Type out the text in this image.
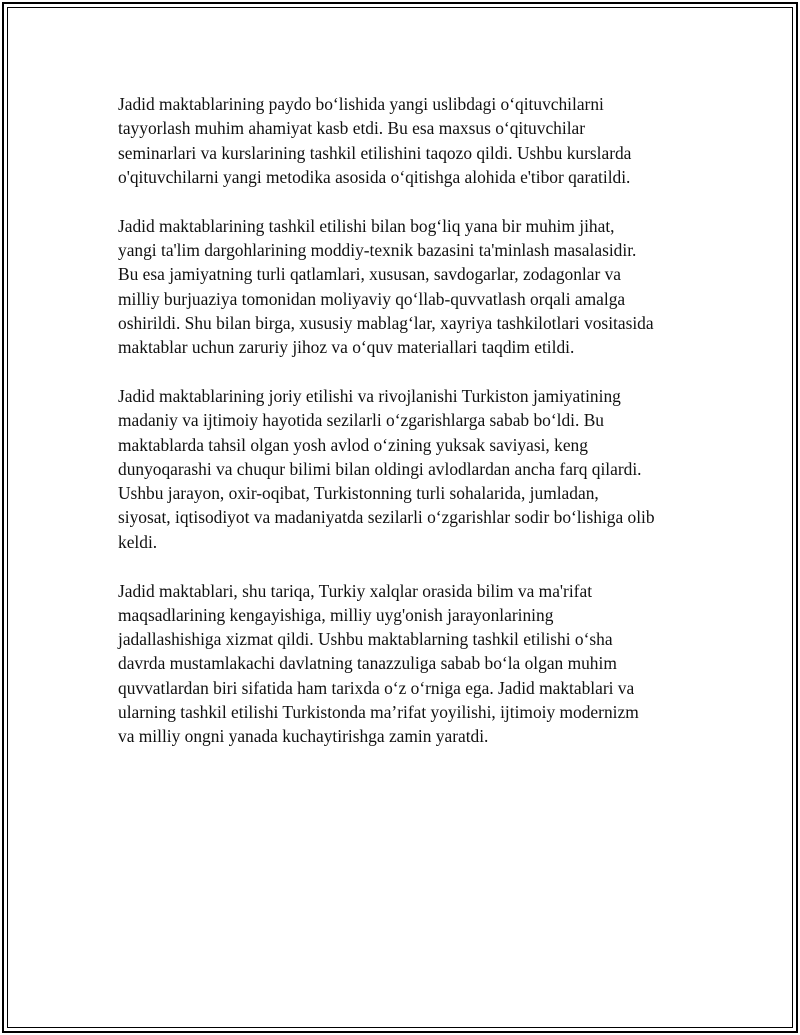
Jadid maktablarining paydo bo‘lishida yangi uslibdagi o‘qituvchilarni
tayyorlash muhim ahamiyat kasb etdi. Bu esa maxsus o‘qituvchilar
seminarlari va kurslarining tashkil etilishini taqozo qildi. Ushbu kurslarda
o'qituvchilarni yangi metodika asosida o‘qitishga alohida e'tibor qaratildi.

Jadid maktablarining tashkil etilishi bilan bog‘liq yana bir muhim jihat,
yangi ta'lim dargohlarining moddiy-texnik bazasini ta'minlash masalasidir.
Bu esa jamiyatning turli qatlamlari, xususan, savdogarlar, zodagonlar va
milliy burjuaziya tomonidan moliyaviy qo‘llab-quvvatlash orqali amalga
oshirildi. Shu bilan birga, xususiy mablag‘lar, xayriya tashkilotlari vositasida
maktablar uchun zaruriy jihoz va o‘quv materiallari taqdim etildi.

Jadid maktablarining joriy etilishi va rivojlanishi Turkiston jamiyatining
madaniy va ijtimoiy hayotida sezilarli o‘zgarishlarga sabab bo‘ldi. Bu
maktablarda tahsil olgan yosh avlod o‘zining yuksak saviyasi, keng
dunyoqarashi va chuqur bilimi bilan oldingi avlodlardan ancha farq qilardi.
Ushbu jarayon, oxir-oqibat, Turkistonning turli sohalarida, jumladan,
siyosat, iqtisodiyot va madaniyatda sezilarli o‘zgarishlar sodir bo‘lishiga olib
keldi.

Jadid maktablari, shu tariqa, Turkiy xalqlar orasida bilim va ma'rifat
maqsadlarining kengayishiga, milliy uyg'onish jarayonlarining
jadallashishiga xizmat qildi. Ushbu maktablarning tashkil etilishi o‘sha
davrda mustamlakachi davlatning tanazzuliga sabab bo‘la olgan muhim
quvvatlardan biri sifatida ham tarixda o‘z o‘rniga ega. Jadid maktablari va
ularning tashkil etilishi Turkistonda ma’rifat yoyilishi, ijtimoiy modernizm
va milliy ongni yanada kuchaytirishga zamin yaratdi.
